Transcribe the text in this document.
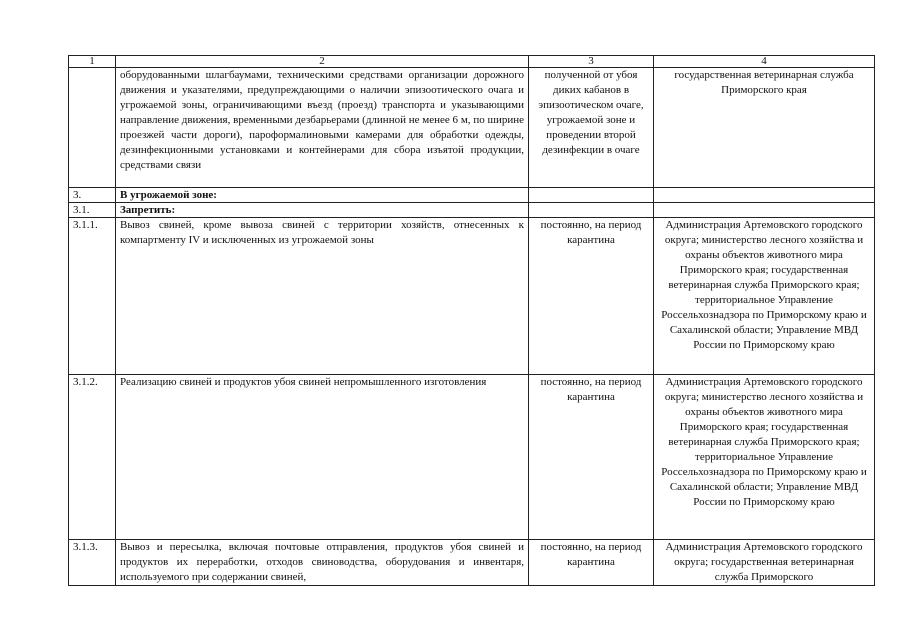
1	2	3	4
	оборудованными шлагбаумами, техническими средствами организации дорожного движения и указателями, предупреждающими о наличии эпизоотического очага и угрожаемой зоны, ограничивающими въезд (проезд) транспорта и указывающими направление движения, временными дезбарьерами (длинной не менее 6 м, по ширине проезжей части дороги), пароформалиновыми камерами для обработки одежды, дезинфекционными установками и контейнерами для сбора изъятой продукции, средствами связи	полученной от убоя диких кабанов в эпизоотическом очаге, угрожаемой зоне и проведении второй дезинфекции в очаге	государственная ветеринарная служба Приморского края
3.	В угрожаемой зоне:		
3.1.	Запретить:		
3.1.1.	Вывоз свиней, кроме вывоза свиней с территории хозяйств, отнесенных к компартменту IV и исключенных из угрожаемой зоны	постоянно, на период карантина	Администрация Артемовского городского округа; министерство лесного хозяйства и охраны объектов животного мира Приморского края; государственная ветеринарная служба Приморского края; территориальное Управление Россельхознадзора по Приморскому краю и Сахалинской области; Управление МВД России по Приморскому краю
3.1.2.	Реализацию свиней и продуктов убоя свиней непромышленного изготовления	постоянно, на период карантина	Администрация Артемовского городского округа; министерство лесного хозяйства и охраны объектов животного мира Приморского края; государственная ветеринарная служба Приморского края; территориальное Управление Россельхознадзора по Приморскому краю и Сахалинской области; Управление МВД России по Приморскому краю
3.1.3.	Вывоз и пересылка, включая почтовые отправления, продуктов убоя свиней и продуктов их переработки, отходов свиноводства, оборудования и инвентаря, используемого при содержании свиней,	постоянно, на период карантина	Администрация Артемовского городского округа; государственная ветеринарная служба Приморского
